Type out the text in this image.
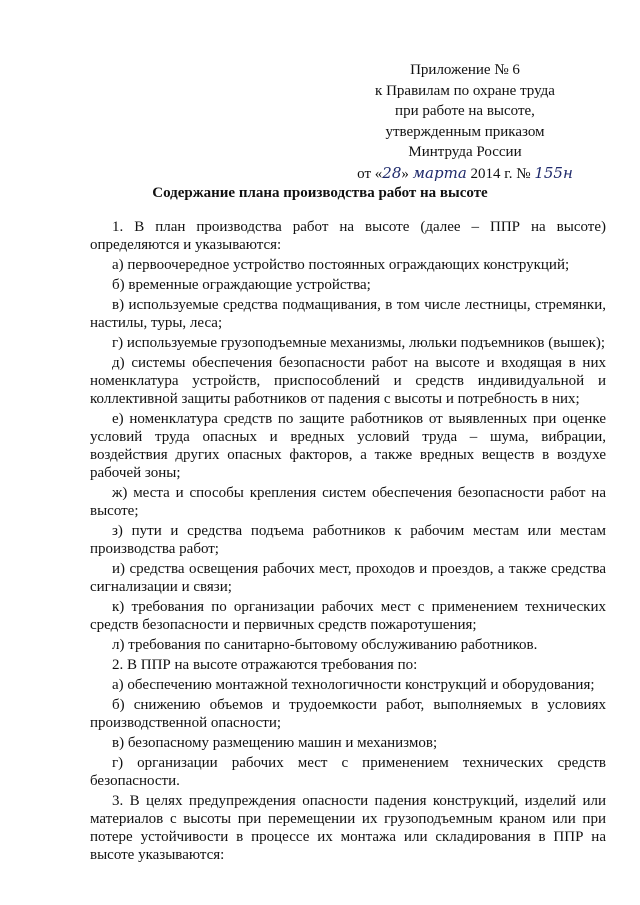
Приложение № 6
к Правилам по охране труда
при работе на высоте,
утвержденным приказом
Минтруда России
от «28» марта 2014 г. № 155н
Содержание плана производства работ на высоте

1. В план производства работ на высоте (далее – ППР на высоте) определяются и указываются:

а) первоочередное устройство постоянных ограждающих конструкций;

б) временные ограждающие устройства;

в) используемые средства подмащивания, в том числе лестницы, стремянки, настилы, туры, леса;

г) используемые грузоподъемные механизмы, люльки подъемников (вышек);

д) системы обеспечения безопасности работ на высоте и входящая в них номенклатура устройств, приспособлений и средств индивидуальной и коллективной защиты работников от падения с высоты и потребность в них;

е) номенклатура средств по защите работников от выявленных при оценке условий труда опасных и вредных условий труда – шума, вибрации, воздействия других опасных факторов, а также вредных веществ в воздухе рабочей зоны;

ж) места и способы крепления систем обеспечения безопасности работ на высоте;

з) пути и средства подъема работников к рабочим местам или местам производства работ;

и) средства освещения рабочих мест, проходов и проездов, а также средства сигнализации и связи;

к) требования по организации рабочих мест с применением технических средств безопасности и первичных средств пожаротушения;

л) требования по санитарно-бытовому обслуживанию работников.

2. В ППР на высоте отражаются требования по:

а) обеспечению монтажной технологичности конструкций и оборудования;

б) снижению объемов и трудоемкости работ, выполняемых в условиях производственной опасности;

в) безопасному размещению машин и механизмов;

г) организации рабочих мест с применением технических средств безопасности.

3. В целях предупреждения опасности падения конструкций, изделий или материалов с высоты при перемещении их грузоподъемным краном или при потере устойчивости в процессе их монтажа или складирования в ППР на высоте указываются:
